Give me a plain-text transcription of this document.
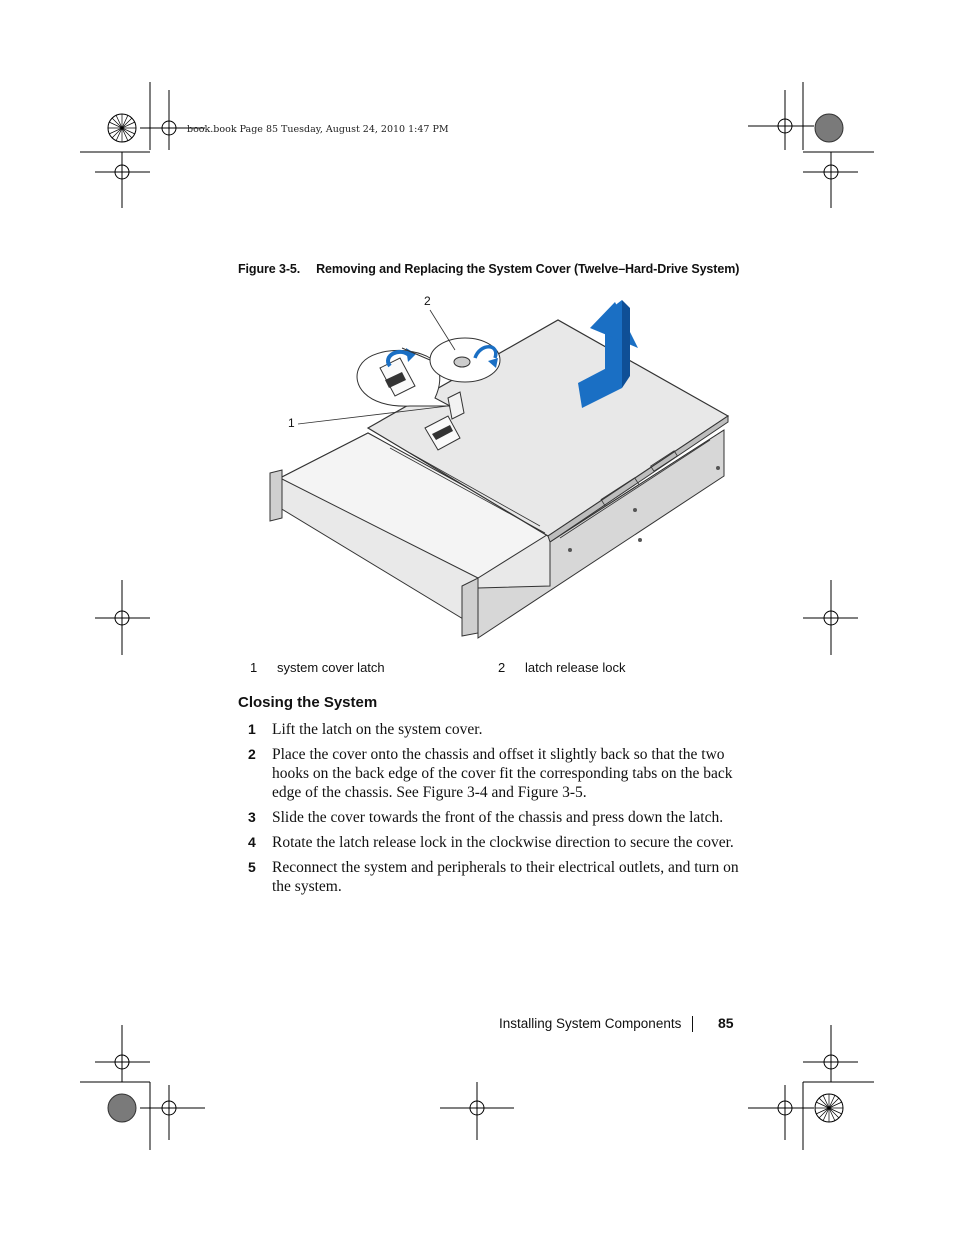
book.book Page 85 Tuesday, August 24, 2010 1:47 PM
Figure 3-5. Removing and Replacing the System Cover (Twelve–Hard-Drive System)
2
1
1 system cover latch	2 latch release lock
Closing the System
1 Lift the latch on the system cover.
2 Place the cover onto the chassis and offset it slightly back so that the two hooks on the back edge of the cover fit the corresponding tabs on the back edge of the chassis. See Figure 3-4 and Figure 3-5.
3 Slide the cover towards the front of the chassis and press down the latch.
4 Rotate the latch release lock in the clockwise direction to secure the cover.
5 Reconnect the system and peripherals to their electrical outlets, and turn on the system.
Installing System Components	85
